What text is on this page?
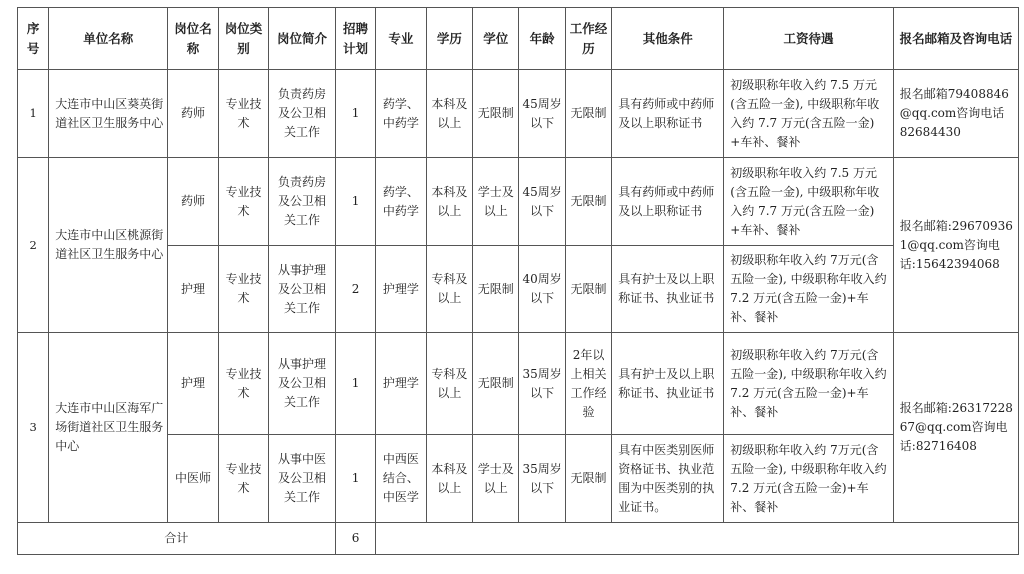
序号	单位名称	岗位名称	岗位类别	岗位简介	招聘计划	专业	学历	学位	年龄	工作经历	其他条件	工资待遇	报名邮箱及咨询电话
1	大连市中山区葵英街道社区卫生服务中心	药师	专业技术	负责药房及公卫相关工作	1	药学、中药学	本科及以上	无限制	45周岁以下	无限制	具有药师或中药师及以上职称证书	初级职称年收入约 7.5 万元(含五险一金), 中级职称年收入约 7.7 万元(含五险一金)+车补、餐补	报名邮箱79408846@qq.com咨询电话 82684430
2	大连市中山区桃源街道社区卫生服务中心	药师	专业技术	负责药房及公卫相关工作	1	药学、中药学	本科及以上	学士及以上	45周岁以下	无限制	具有药师或中药师及以上职称证书	初级职称年收入约 7.5 万元(含五险一金), 中级职称年收入约 7.7 万元(含五险一金)+车补、餐补	报名邮箱:296709361@qq.com咨询电话:15642394068
		护理	专业技术	从事护理及公卫相关工作	2	护理学	专科及以上	无限制	40周岁以下	无限制	具有护士及以上职称证书、执业证书	初级职称年收入约 7万元(含五险一金), 中级职称年收入约 7.2 万元(含五险一金)+车补、餐补	
3	大连市中山区海军广场街道社区卫生服务中心	护理	专业技术	从事护理及公卫相关工作	1	护理学	专科及以上	无限制	35周岁以下	2年以上相关工作经验	具有护士及以上职称证书、执业证书	初级职称年收入约 7万元(含五险一金), 中级职称年收入约 7.2 万元(含五险一金)+车补、餐补	报名邮箱:2631722867@qq.com咨询电话:82716408
		中医师	专业技术	从事中医及公卫相关工作	1	中西医结合、中医学	本科及以上	学士及以上	35周岁以下	无限制	具有中医类别医师资格证书、执业范围为中医类别的执业证书。	初级职称年收入约 7万元(含五险一金), 中级职称年收入约 7.2 万元(含五险一金)+车补、餐补	
合计					6								
